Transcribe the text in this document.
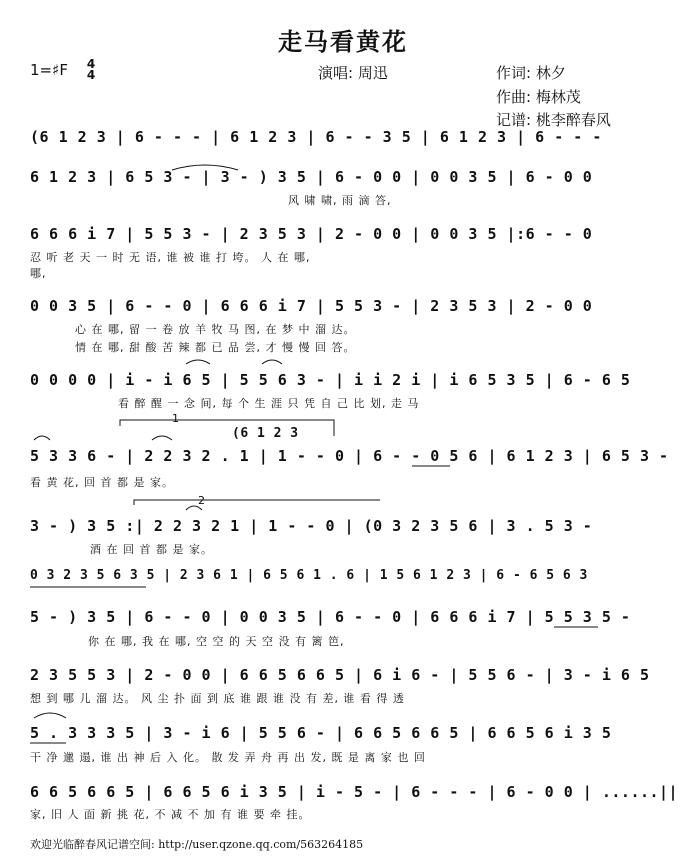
走马看黄花
1=♯F 4
4	演唱: 周迅	作词: 林夕
作曲: 梅林茂
记谱: 桃李醉春风
(6 1 2 3 | 6 - - - | 6 1 2 3 | 6 - - 3 5 | 6 1 2 3 | 6 - - -
6 1 2 3 | 6 5 3 - | 3 - ) 3 5 | 6 - 0 0 | 0 0 3 5 | 6 - 0 0
风 啸 啸, 雨 滴 答,
6 6 6 i 7 | 5 5 3 - | 2 3 5 3 | 2 - 0 0 | 0 0 3 5 |:6 - - 0
忍 听 老 天 一 时 无 语, 谁 被 谁 打 垮。 人 在 哪,
哪,
0 0 3 5 | 6 - - 0 | 6 6 6 i 7 | 5 5 3 - | 2 3 5 3 | 2 - 0 0
心 在 哪, 留 一 卷 放 羊 牧 马 图, 在 梦 中 溜 达。
情 在 哪, 甜 酸 苦 辣 都 已 品 尝, 才 慢 慢 回 答。
0 0 0 0 | i - i 6 5 | 5 5 6 3 - | i i 2 i | i 6 5 3 5 | 6 - 6 5
看 醉 醒 一 念 间, 每 个 生 涯 只 凭 自 己 比 划, 走 马
1
(6 1 2 3
5 3 3 6 - | 2 2 3 2 . 1 | 1 - - 0 | 6 - - 0 5 6 | 6 1 2 3 | 6 5 3 -
看 黄 花, 回 首 都 是 家。
2
3 - ) 3 5 :| 2 2 3 2 1 | 1 - - 0 | (0 3 2 3 5 6 | 3 . 5 3 -
酒 在 回 首 都 是 家。
0 3 2 3 5 6 3 5 | 2 3 6 1 | 6 5 6 1 . 6 | 1 5 6 1 2 3 | 6 - 6 5 6 3
5 - ) 3 5 | 6 - - 0 | 0 0 3 5 | 6 - - 0 | 6 6 6 i 7 | 5 5 3 5 -
你 在 哪, 我 在 哪, 空 空 的 天 空 没 有 篱 笆,
2 3 5 5 3 | 2 - 0 0 | 6 6 5 6 6 5 | 6 i 6 - | 5 5 6 - | 3 - i 6 5
想 到 哪 儿 溜 达。 风 尘 扑 面 到 底 谁 跟 谁 没 有 差, 谁 看 得 透
5 . 3 3 3 5 | 3 - i 6 | 5 5 6 - | 6 6 5 6 6 5 | 6 6 5 6 i 3 5
干 净 邋 遢, 谁 出 神 后 入 化。 散 发 弄 舟 再 出 发, 既 是 离 家 也 回
6 6 5 6 6 5 | 6 6 5 6 i 3 5 | i - 5 - | 6 - - - | 6 - 0 0 | ......||
家, 旧 人 面 新 挑 花, 不 减 不 加 有 谁 要 牵 挂。
欢迎光临醉春风记谱空间: http://user.qzone.qq.com/563264185
